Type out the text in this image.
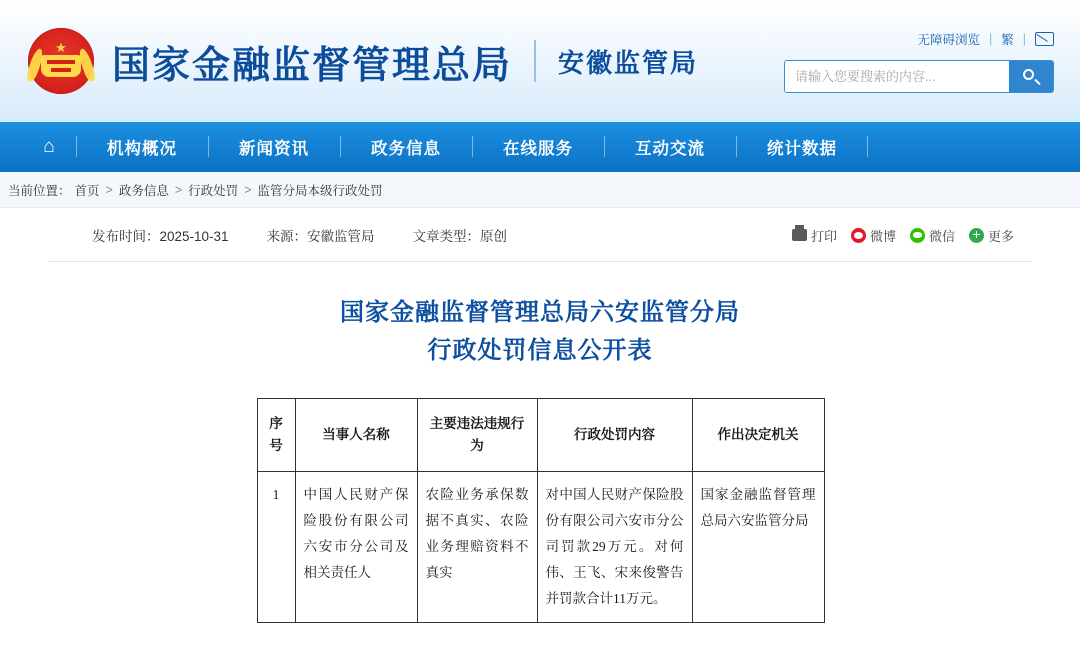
★ 国家金融监督管理总局 安徽监管局
无障碍浏览 | 繁 |
请输入您要搜索的内容...
⌂	机构概况	新闻资讯	政务信息	在线服务	互动交流	统计数据
当前位置： 首页 > 政务信息 > 行政处罚 > 监管分局本级行政处罚
发布时间：2025-10-31	来源：安徽监管局	文章类型：原创	打印	微博	微信 +	更多
国家金融监督管理总局六安监管分局
行政处罚信息公开表
序号	当事人名称	主要违法违规行为	行政处罚内容	作出决定机关
1	中国人民财产保险股份有限公司六安市分公司及相关责任人	农险业务承保数据不真实、农险业务理赔资料不真实	对中国人民财产保险股份有限公司六安市分公司罚款29万元。对何伟、王飞、宋来俊警告并罚款合计11万元。	国家金融监督管理总局六安监管分局
